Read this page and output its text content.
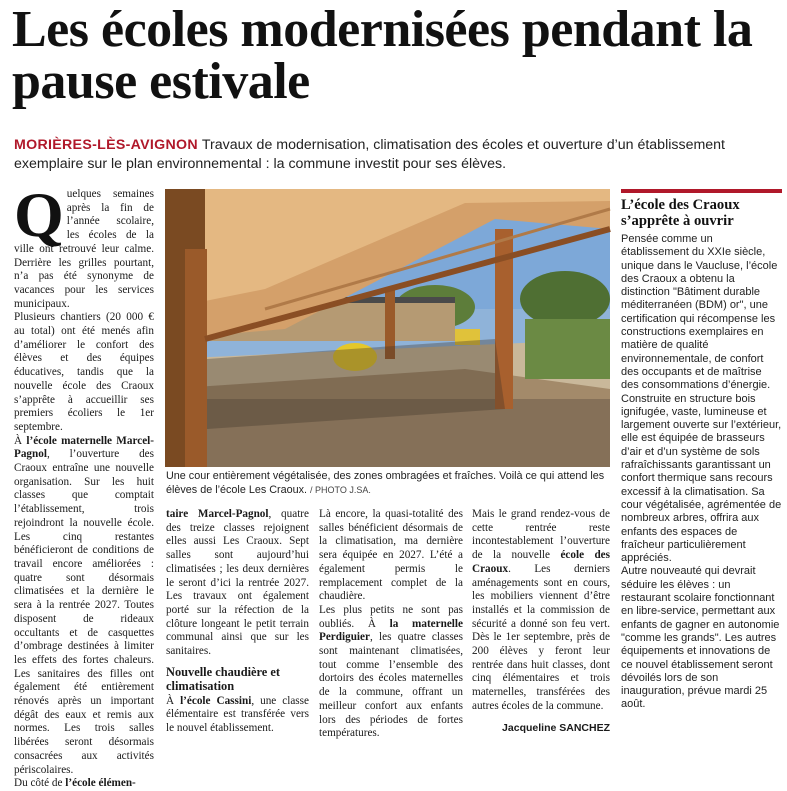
Les écoles modernisées pendant la pause estivale

MORIÈRES-LÈS-AVIGNON Travaux de modernisation, climatisation des écoles et ouverture d’un établissement exemplaire sur le plan environnemental : la commune investit pour ses élèves.

Q uelques semaines après la fin de l’année scolaire, les écoles de la ville ont retrouvé leur calme. Derrière les grilles pourtant, n’a pas été synonyme de vacances pour les services municipaux.

Plusieurs chantiers (20 000 € au total) ont été menés afin d’améliorer le confort des élèves et des équipes éducatives, tandis que la nouvelle école des Craoux s’apprête à accueillir ses premiers écoliers le 1er septembre.

À l’école maternelle Marcel-Pagnol, l’ouverture des Craoux entraîne une nouvelle organisation. Sur les huit classes que comptait l’établissement, trois rejoindront la nouvelle école. Les cinq restantes bénéficieront de conditions de travail encore améliorées : quatre sont désormais climatisées et la dernière le sera à la rentrée 2027. Toutes disposent de rideaux occultants et de casquettes d’ombrage destinées à limiter les effets des fortes chaleurs. Les sanitaires des filles ont également été entièrement rénovés après un important dégât des eaux et remis aux normes. Les trois salles libérées seront désormais consacrées aux activités périscolaires.

Du côté de l’école élémen-

Une cour entièrement végétalisée, des zones ombragées et fraîches. Voilà ce qui attend les élèves de l’école Les Craoux. / PHOTO J.SA.

taire Marcel-Pagnol, quatre des treize classes rejoignent elles aussi Les Craoux. Sept salles sont aujourd’hui climatisées ; les deux dernières le seront d’ici la rentrée 2027. Les travaux ont également porté sur la réfection de la clôture longeant le petit terrain communal ainsi que sur les sanitaires.

Nouvelle chaudière et climatisation

À l’école Cassini, une classe élémentaire est transférée vers le nouvel établissement.

Là encore, la quasi-totalité des salles bénéficient désormais de la climatisation, ma dernière sera équipée en 2027. L’été a également permis le remplacement complet de la chaudière.

Les plus petits ne sont pas oubliés. À la maternelle Perdiguier, les quatre classes sont maintenant climatisées, tout comme l’ensemble des dortoirs des écoles maternelles de la commune, offrant un meilleur confort aux enfants lors des périodes de fortes températures.

Mais le grand rendez-vous de cette rentrée reste incontestablement l’ouverture de la nouvelle école des Craoux. Les derniers aménagements sont en cours, les mobiliers viennent d’être installés et la commission de sécurité a donné son feu vert. Dès le 1er septembre, près de 200 élèves y feront leur rentrée dans huit classes, dont cinq élémentaires et trois maternelles, transférées des autres écoles de la commune.

Jacqueline SANCHEZ
L’école des Craoux s’apprête à ouvrir

Pensée comme un établissement du XXIe siècle, unique dans le Vaucluse, l’école des Craoux a obtenu la distinction "Bâtiment durable méditerranéen (BDM) or", une certification qui récompense les constructions exemplaires en matière de qualité environnementale, de confort des occupants et de maîtrise des consommations d’énergie.

Construite en structure bois ignifugée, vaste, lumineuse et largement ouverte sur l’extérieur, elle est équipée de brasseurs d’air et d’un système de sols rafraîchissants garantissant un confort thermique sans recours excessif à la climatisation. Sa cour végétalisée, agrémentée de nombreux arbres, offrira aux enfants des espaces de fraîcheur particulièrement appréciés.

Autre nouveauté qui devrait séduire les élèves : un restaurant scolaire fonctionnant en libre-service, permettant aux enfants de gagner en autonomie "comme les grands". Les autres équipements et innovations de ce nouvel établissement seront dévoilés lors de son inauguration, prévue mardi 25 août.
